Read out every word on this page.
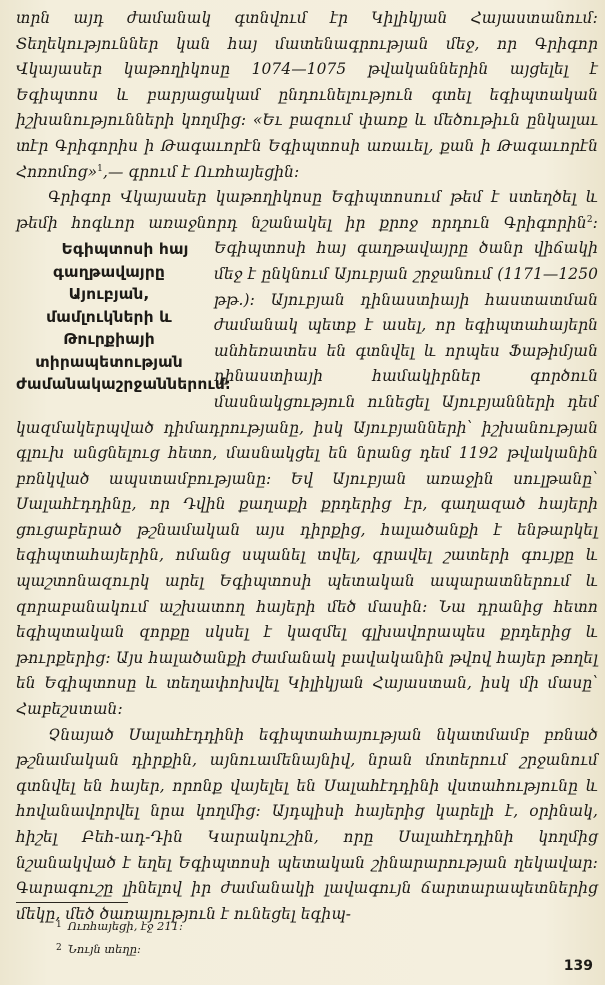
տրն այդ ժամանակ գտնվում էր Կիլիկյան Հայաստանում։ Տեղեկություններ կան հայ մատենագրության մեջ, որ Գրիգոր Վկայասեր կաթողիկոսը 1074—1075 թվականներին այցելել է Եգիպտոս և բարյացակամ ընդունելություն գտել եգիպտական իշխանությունների կողմից։ «Եւ բազում փառք և մեծութիւն ընկալաւ տէր Գրիգորիս ի Թագաւորէն Եգիպտոսի առաւել, քան ի Թագաւորէն Հոռոմոց»$^1$,— գրում է Ուռհայեցին։

Գրիգոր Վկայասեր կաթողիկոսը Եգիպտոսում թեմ է ստեղծել և թեմի հոգևոր առաջնորդ նշանակել իր քրոջ որդուն Գրիգորին$^2$
Եգիպտոսի հայ գաղթավայրը Այուբյան, մամլուկների և Թուրքիայի տիրապետության ժամանակաշրջաններում։
։ Եգիպտոսի հայ գաղթավայրը ծանր վիճակի մեջ է ընկնում Այուբյան շրջանում (1171—1250 թթ.)։ Այուբյան դինաստիայի հաստատման ժամանակ պետք է ասել, որ եգիպտահայերն անհեռատես են գտնվել և որպես Ֆաթիմյան դինաստիայի համակիրներ գործուն մասնակցություն ունեցել Այուբյանների դեմ կազմակերպված դիմադրությանը, իսկ Այուբյանների՝ իշխանության գլուխ անցնելուց հետո, մասնակցել են նրանց դեմ 1192 թվականին բռնկված ապստամբությանը։ Եվ Այուբյան առաջին սուլթանը՝ Սալահէդդինը, որ Դվին քաղաքի քրդերից էր, գաղազած հայերի ցուցաբերած թշնամական այս դիրքից, հալածանքի է ենթարկել եգիպտահայերին, ոմանց սպանել տվել, գրավել շատերի գույքը և պաշտոնազուրկ արել Եգիպտոսի պետական ապարատներում և զորաբանակում աշխատող հայերի մեծ մասին։ Նա դրանից հետո եգիպտական զորքը սկսել է կազմել գլխավորապես քրդերից և թուրքերից։ Այս հալածանքի ժամանակ բավականին թվով հայեր թողել են Եգիպտոսը և տեղափոխվել Կիլիկյան Հայաստան, իսկ մի մասը՝ Հաբեշստան։

Չնայած Սալահէդդինի եգիպտահայության նկատմամբ բռնած թշնամական դիրքին, այնուամենայնիվ, նրան մոտերում շրջանում գտնվել են հայեր, որոնք վայելել են Սալահէդդինի վստահությունը և հովանավորվել նրա կողմից։ Այդպիսի հայերից կարելի է, օրինակ, հիշել Բեհ-ադ-Դին Կարակուշին, որը Սալահէդդինի կողմից նշանակված է եղել Եգիպտոսի պետական շինարարության ղեկավար։ Գարագուշը լինելով իր ժամանակի լավագույն ճարտարապետներից մեկը, մեծ ծառայություն է ունեցել եգիպ-

$^1$ Ուռհայեցի, էջ 211։
$^2$ Նույն տեղը։
139
